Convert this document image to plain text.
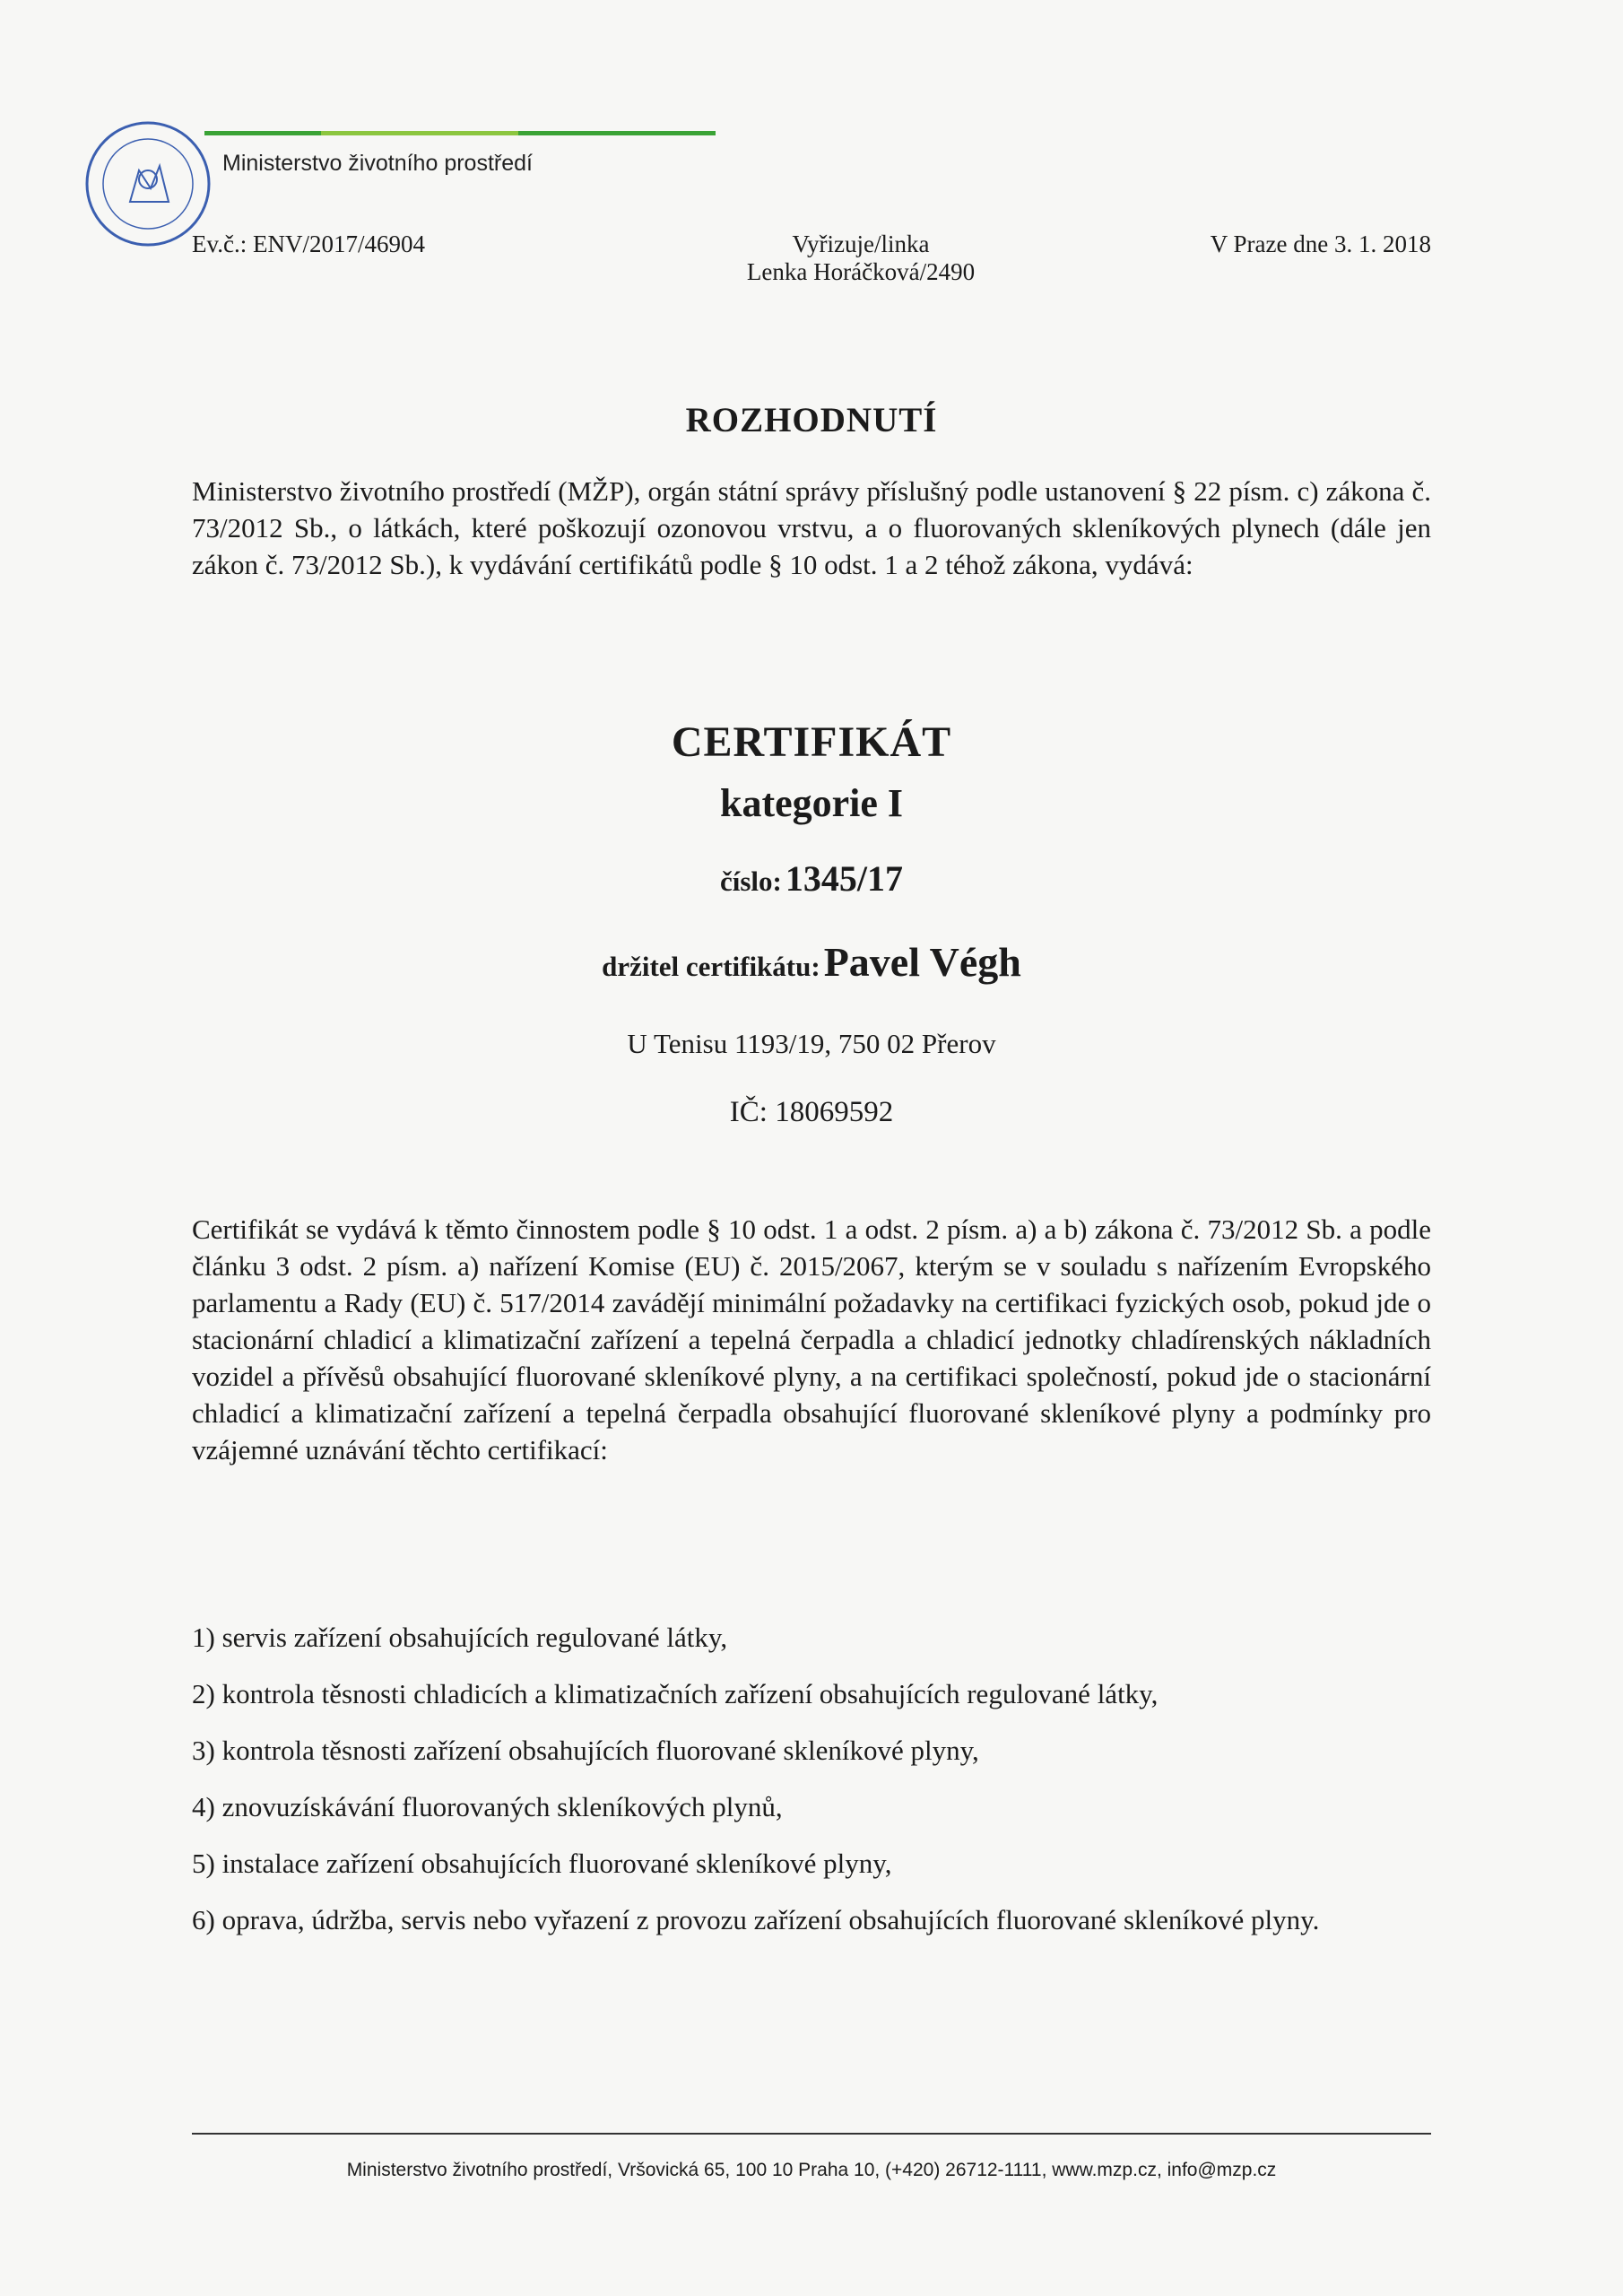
Ministerstvo životního prostředí
Ev.č.: ENV/2017/46904	Vyřizuje/linka
Lenka Horáčková/2490
V Praze dne 3. 1. 2018
ROZHODNUTÍ
Ministerstvo životního prostředí (MŽP), orgán státní správy příslušný podle ustanovení § 22 písm. c) zákona č. 73/2012 Sb., o látkách, které poškozují ozonovou vrstvu, a o fluorovaných skleníkových plynech (dále jen zákon č. 73/2012 Sb.), k vydávání certifikátů podle § 10 odst. 1 a 2 téhož zákona, vydává:
CERTIFIKÁT
kategorie I
číslo: 1345/17
držitel certifikátu: Pavel Végh
U Tenisu 1193/19, 750 02 Přerov
IČ: 18069592
Certifikát se vydává k těmto činnostem podle § 10 odst. 1 a odst. 2 písm. a) a b) zákona č. 73/2012 Sb. a podle článku 3 odst. 2 písm. a) nařízení Komise (EU) č. 2015/2067, kterým se v souladu s nařízením Evropského parlamentu a Rady (EU) č. 517/2014 zavádějí minimální požadavky na certifikaci fyzických osob, pokud jde o stacionární chladicí a klimatizační zařízení a tepelná čerpadla a chladicí jednotky chladírenských nákladních vozidel a přívěsů obsahující fluorované skleníkové plyny, a na certifikaci společností, pokud jde o stacionární chladicí a klimatizační zařízení a tepelná čerpadla obsahující fluorované skleníkové plyny a podmínky pro vzájemné uznávání těchto certifikací:
1) servis zařízení obsahujících regulované látky,
2) kontrola těsnosti chladicích a klimatizačních zařízení obsahujících regulované látky,
3) kontrola těsnosti zařízení obsahujících fluorované skleníkové plyny,
4) znovuzískávání fluorovaných skleníkových plynů,
5) instalace zařízení obsahujících fluorované skleníkové plyny,
6) oprava, údržba, servis nebo vyřazení z provozu zařízení obsahujících fluorované skleníkové plyny.
Ministerstvo životního prostředí, Vršovická 65, 100 10 Praha 10, (+420) 26712-1111, www.mzp.cz, info@mzp.cz
